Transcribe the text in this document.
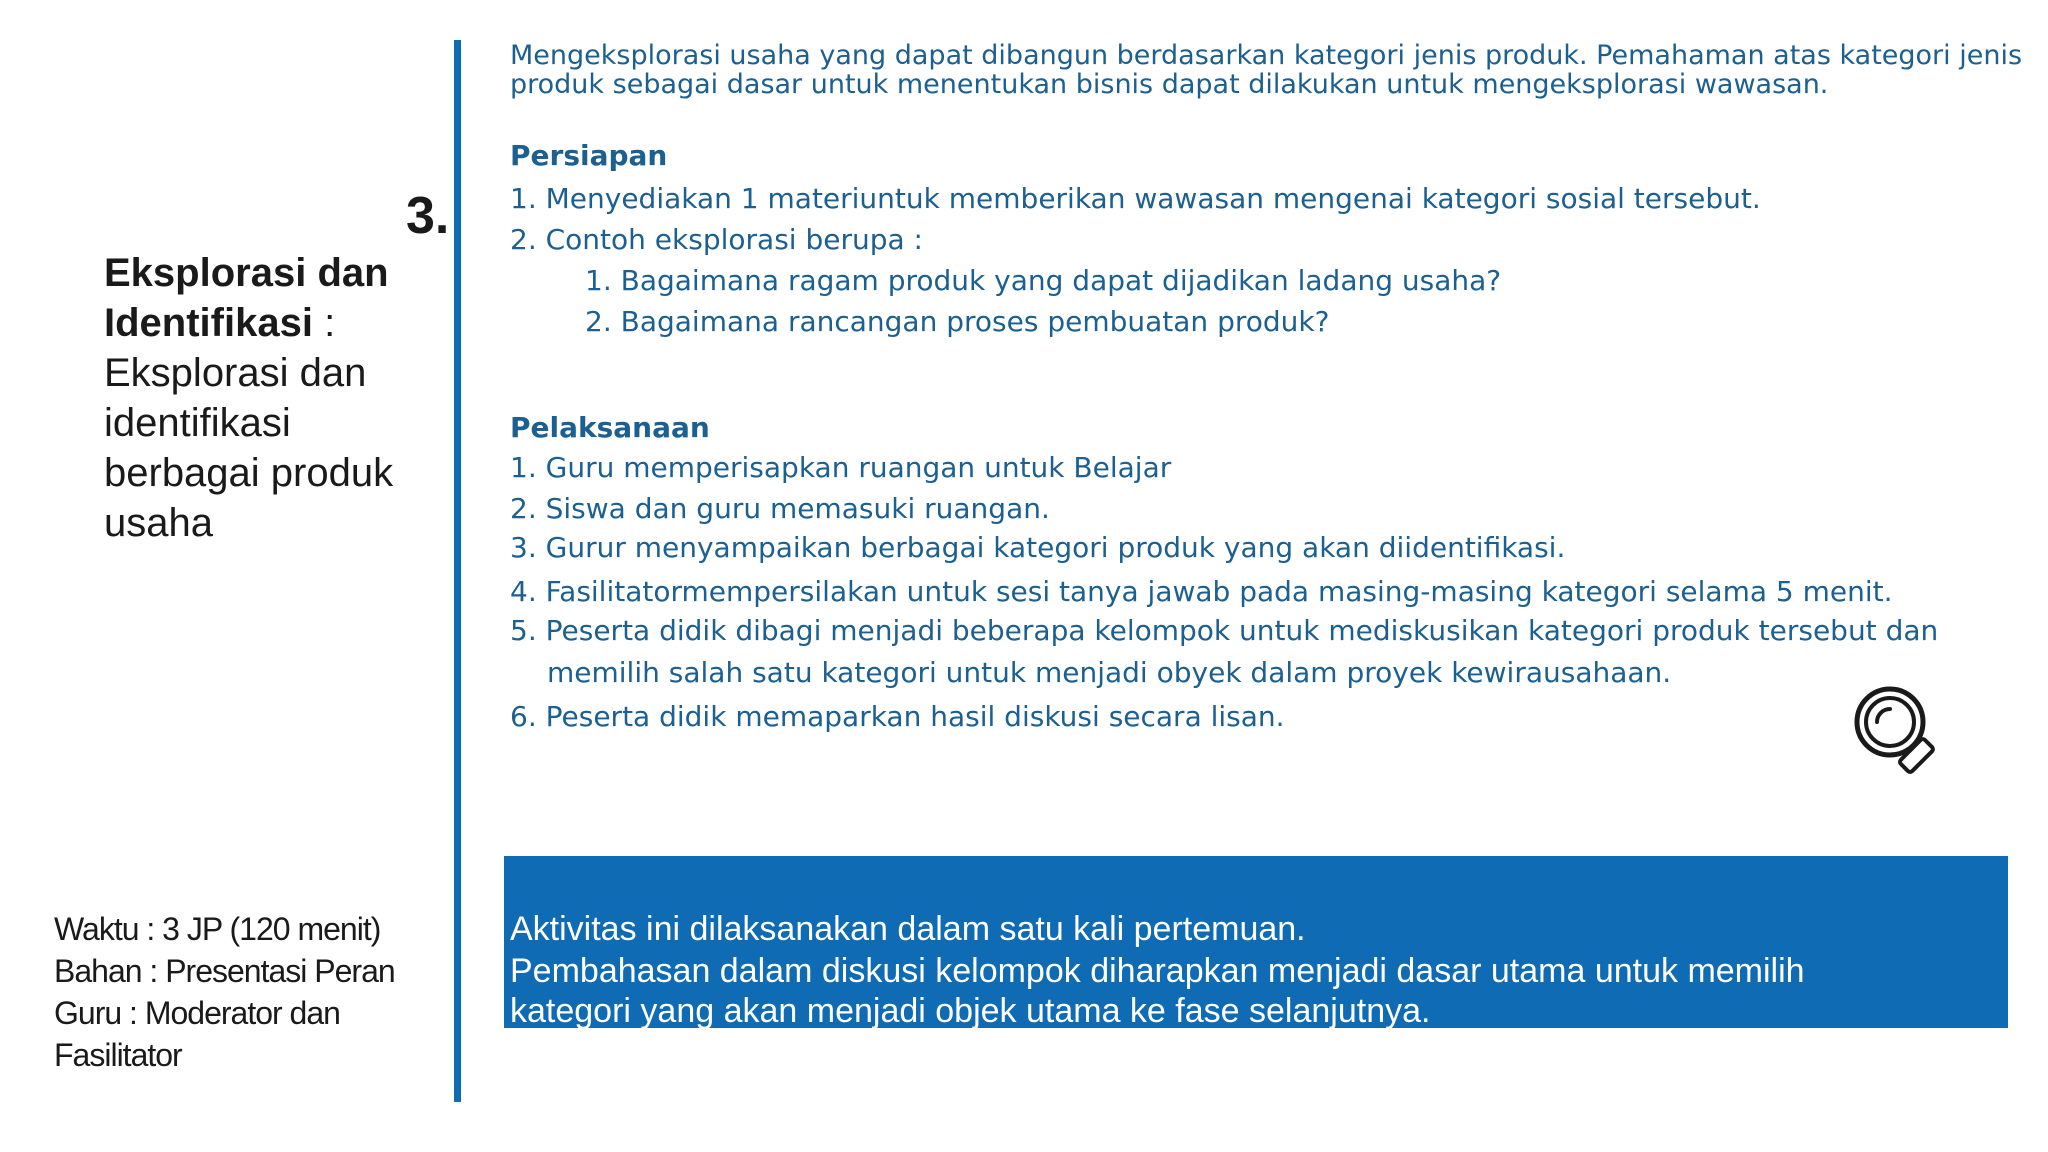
3.
Eksplorasi dan Identifikasi : Eksplorasi dan identifikasi berbagai produk usaha
Waktu : 3 JP (120 menit)
Bahan : Presentasi Peran
Guru : Moderator dan
Fasilitator
Mengeksplorasi usaha yang dapat dibangun berdasarkan kategori jenis produk. Pemahaman atas kategori jenis
produk sebagai dasar untuk menentukan bisnis dapat dilakukan untuk mengeksplorasi wawasan.
Persiapan
1. Menyediakan 1 materiuntuk memberikan wawasan mengenai kategori sosial tersebut.
2. Contoh eksplorasi berupa :
1. Bagaimana ragam produk yang dapat dijadikan ladang usaha?
2. Bagaimana rancangan proses pembuatan produk?
Pelaksanaan
1. Guru memperisapkan ruangan untuk Belajar
2. Siswa dan guru memasuki ruangan.
3. Gurur menyampaikan berbagai kategori produk yang akan diidentifikasi.
4. Fasilitatormempersilakan untuk sesi tanya jawab pada masing-masing kategori selama 5 menit.
5. Peserta didik dibagi menjadi beberapa kelompok untuk mediskusikan kategori produk tersebut dan
memilih salah satu kategori untuk menjadi obyek dalam proyek kewirausahaan.
6. Peserta didik memaparkan hasil diskusi secara lisan.
Aktivitas ini dilaksanakan dalam satu kali pertemuan.
Pembahasan dalam diskusi kelompok diharapkan menjadi dasar utama untuk memilih
kategori yang akan menjadi objek utama ke fase selanjutnya.
